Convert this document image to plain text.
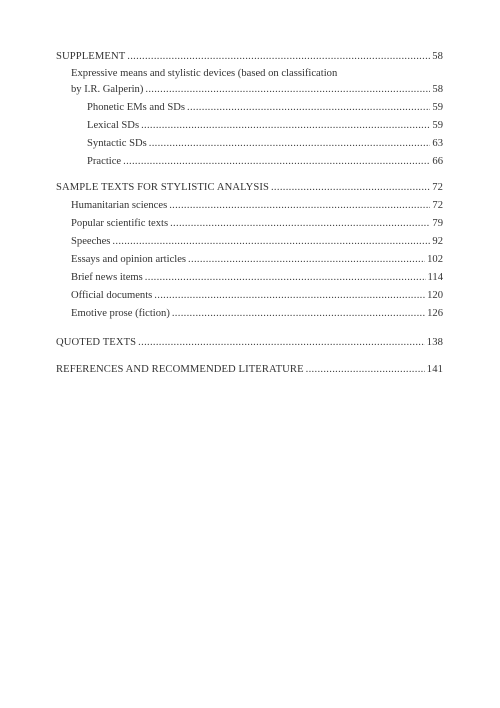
SUPPLEMENT .....	58
Expressive means and stylistic devices (based on classification
by I.R. Galperin) .....	58
Phonetic EMs and SDs .....	59
Lexical SDs .....	59
Syntactic SDs .....	63
Practice .....	66
SAMPLE TEXTS FOR STYLISTIC ANALYSIS .....	72
Humanitarian sciences .....	72
Popular scientific texts .....	79
Speeches .....	92
Essays and opinion articles .....	102
Brief news items .....	114
Official documents .....	120
Emotive prose (fiction) .....	126
QUOTED TEXTS .....	138
REFERENCES AND RECOMMENDED LITERATURE .....	141
